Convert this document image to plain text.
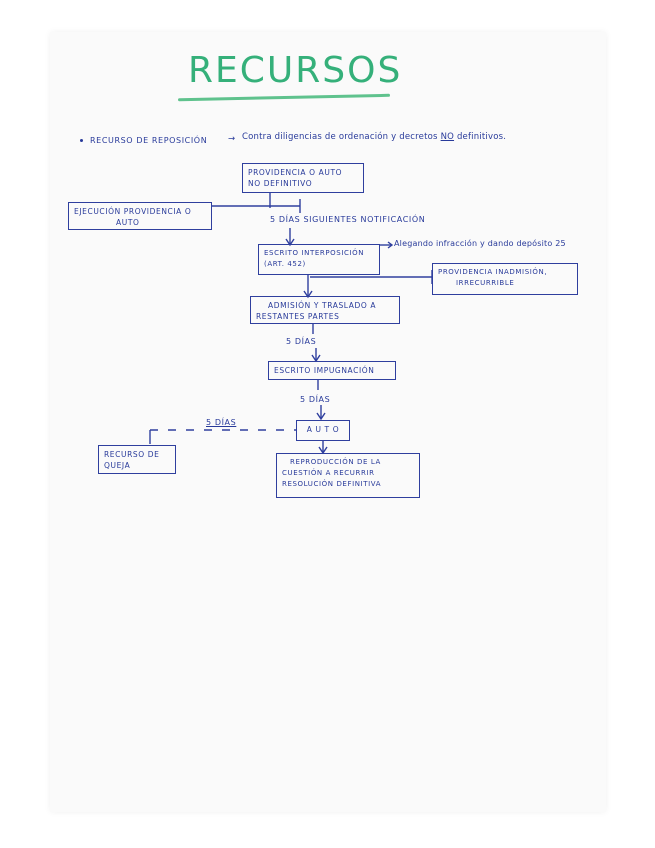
RECURSOS
RECURSO DE REPOSICIÓN → Contra diligencias de ordenación y decretos NO definitivos.
PROVIDENCIA O AUTO
NO DEFINITIVO
EJECUCIÓN PROVIDENCIA O
AUTO	5 DÍAS SIGUIENTES NOTIFICACIÓN
ESCRITO INTERPOSICIÓN
(ART. 452)
Alegando infracción y dando depósito 25
PROVIDENCIA INADMISIÓN,
IRRECURRIBLE
ADMISIÓN Y TRASLADO A
RESTANTES PARTES
5 DÍAS
ESCRITO IMPUGNACIÓN
5 DÍAS
5 DÍAS
A U T O
RECURSO DE
QUEJA	REPRODUCCIÓN DE LA
CUESTIÓN A RECURRIR
RESOLUCIÓN DEFINITIVA
